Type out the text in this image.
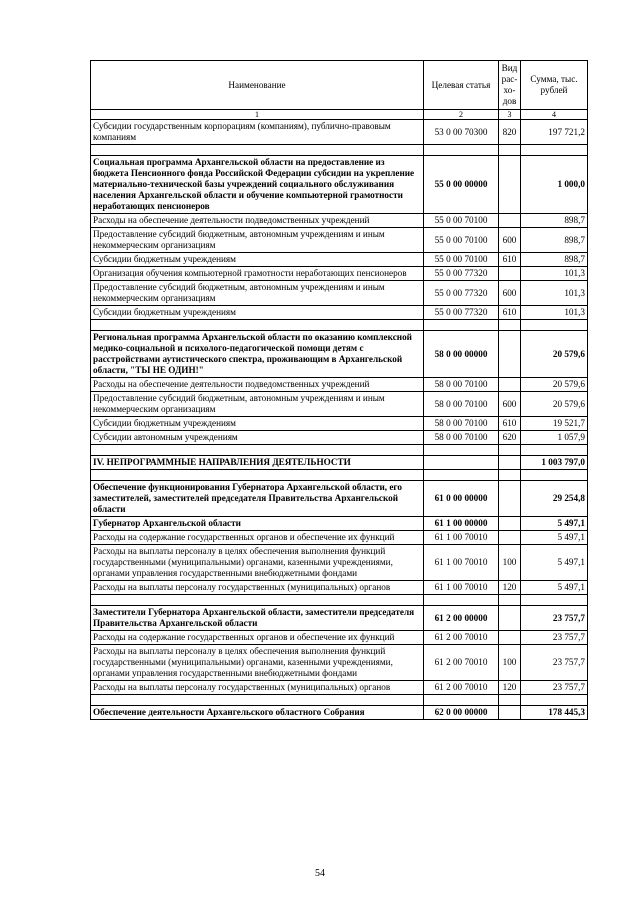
Наименование	Целевая статья	Вид рас-хо-дов	Сумма, тыс. рублей
1	2	3	4
Субсидии государственным корпорациям (компаниям), публично-правовым компаниям	53 0 00 70300	820	197 721,2

Социальная программа Архангельской области на предоставление из бюджета Пенсионного фонда Российской Федерации субсидии на укрепление материально-технической базы учреждений социального обслуживания населения Архангельской области и обучение компьютерной грамотности неработающих пенсионеров	55 0 00 00000		1 000,0
Расходы на обеспечение деятельности подведомственных учреждений	55 0 00 70100		898,7
Предоставление субсидий бюджетным, автономным учреждениям и иным некоммерческим организациям	55 0 00 70100	600	898,7
Субсидии бюджетным учреждениям	55 0 00 70100	610	898,7
Организация обучения компьютерной грамотности неработающих пенсионеров	55 0 00 77320		101,3
Предоставление субсидий бюджетным, автономным учреждениям и иным некоммерческим организациям	55 0 00 77320	600	101,3
Субсидии бюджетным учреждениям	55 0 00 77320	610	101,3

Региональная программа Архангельской области по оказанию комплексной медико-социальной и психолого-педагогической помощи детям с расстройствами аутистического спектра, проживающим в Архангельской области, "ТЫ НЕ ОДИН!"	58 0 00 00000		20 579,6
Расходы на обеспечение деятельности подведомственных учреждений	58 0 00 70100		20 579,6
Предоставление субсидий бюджетным, автономным учреждениям и иным некоммерческим организациям	58 0 00 70100	600	20 579,6
Субсидии бюджетным учреждениям	58 0 00 70100	610	19 521,7
Субсидии автономным учреждениям	58 0 00 70100	620	1 057,9

IV. НЕПРОГРАММНЫЕ НАПРАВЛЕНИЯ ДЕЯТЕЛЬНОСТИ			1 003 797,0

Обеспечение функционирования Губернатора Архангельской области, его заместителей, заместителей председателя Правительства Архангельской области	61 0 00 00000		29 254,8
Губернатор Архангельской области	61 1 00 00000		5 497,1
Расходы на содержание государственных органов и обеспечение их функций	61 1 00 70010		5 497,1
Расходы на выплаты персоналу в целях обеспечения выполнения функций государственными (муниципальными) органами, казенными учреждениями, органами управления государственными внебюджетными фондами	61 1 00 70010	100	5 497,1
Расходы на выплаты персоналу государственных (муниципальных) органов	61 1 00 70010	120	5 497,1

Заместители Губернатора Архангельской области, заместители председателя Правительства Архангельской области	61 2 00 00000		23 757,7
Расходы на содержание государственных органов и обеспечение их функций	61 2 00 70010		23 757,7
Расходы на выплаты персоналу в целях обеспечения выполнения функций государственными (муниципальными) органами, казенными учреждениями, органами управления государственными внебюджетными фондами	61 2 00 70010	100	23 757,7
Расходы на выплаты персоналу государственных (муниципальных) органов	61 2 00 70010	120	23 757,7

Обеспечение деятельности Архангельского областного Собрания	62 0 00 00000		178 445,3
54
